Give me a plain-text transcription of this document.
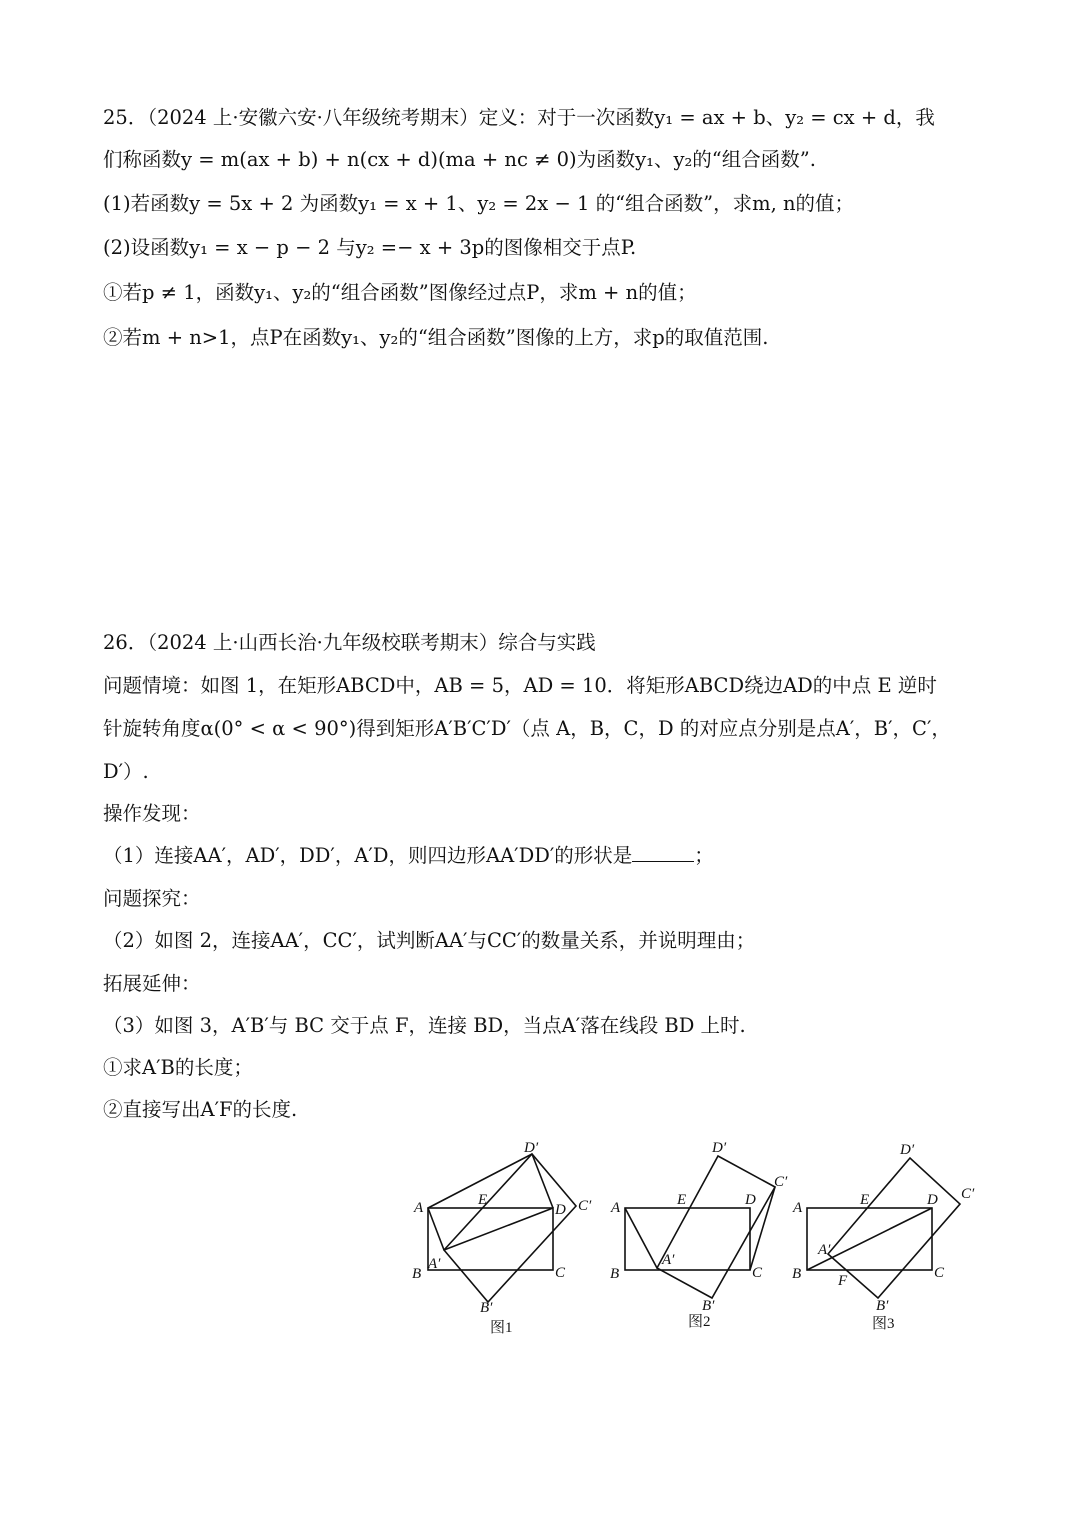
25．（2024 上·安徽六安·八年级统考期末）定义：对于一次函数y₁ = ax + b、y₂ = cx + d，我
们称函数y = m(ax + b) + n(cx + d)(ma + nc ≠ 0)为函数y₁、y₂的“组合函数”.
(1)若函数y = 5x + 2 为函数y₁ = x + 1、y₂ = 2x − 1 的“组合函数”，求m, n的值；
(2)设函数y₁ = x − p − 2 与y₂ =− x + 3p的图像相交于点P.
①若p ≠ 1，函数y₁、y₂的“组合函数”图像经过点P，求m + n的值；
②若m + n>1，点P在函数y₁、y₂的“组合函数”图像的上方，求p的取值范围.
26．（2024 上·山西长治·九年级校联考期末）综合与实践
问题情境：如图 1，在矩形ABCD中，AB = 5，AD = 10．将矩形ABCD绕边AD的中点 E 逆时
针旋转角度α(0° < α < 90°)得到矩形A′B′C′D′（点 A，B，C，D 的对应点分别是点A′，B′，C′，
D′）.
操作发现：
（1）连接AA′，AD′，DD′，A′D，则四边形AA′DD′的形状是	；
问题探究：
（2）如图 2，连接AA′，CC′，试判断AA′与CC′的数量关系，并说明理由；
拓展延伸：
（3）如图 3，A′B′与 BC 交于点 F，连接 BD，当点A′落在线段 BD 上时.
①求A′B的长度；
②直接写出A′F的长度.
A
B	C
D
E
A′
B′
C′
D′
图1
A
B	C
D
E
A′
B′
C′
D′
图2
A
B	C
D
E
F
A′
B′
C′
D′
图3
